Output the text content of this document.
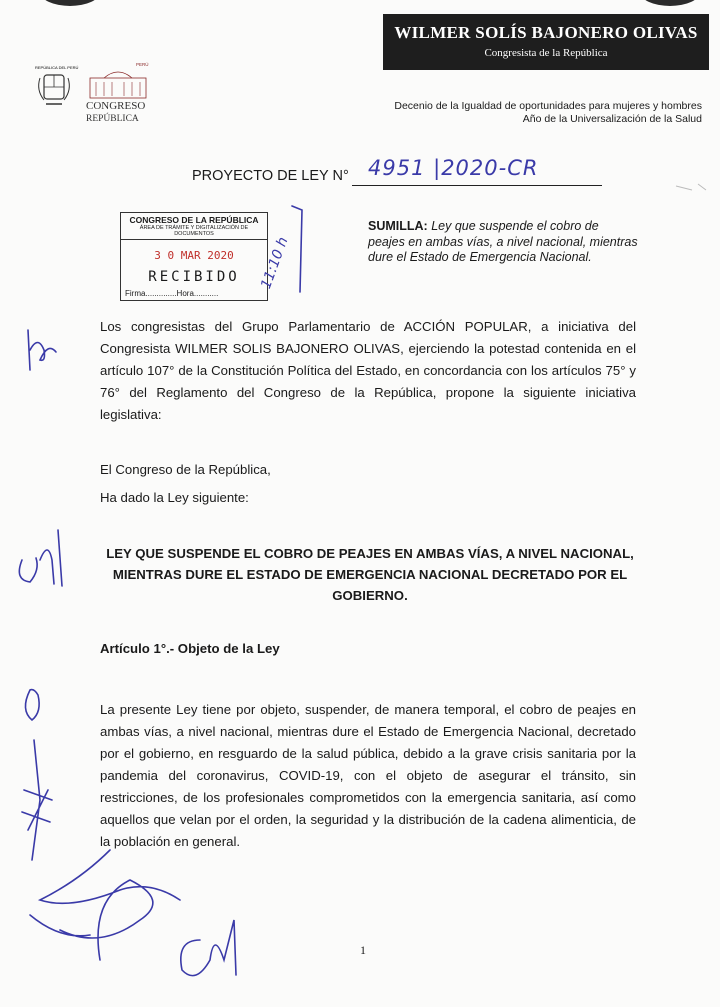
WILMER SOLÍS BAJONERO OLIVAS
Congresista de la República
REPÚBLICA DEL PERÚ
PERÚ
CONGRESO
REPÚBLICA
Decenio de la Igualdad de oportunidades para mujeres y hombres
Año de la Universalización de la Salud
PROYECTO DE LEY N° 4951 |2020-CR
CONGRESO DE LA REPÚBLICA
ÁREA DE TRÁMITE Y DIGITALIZACIÓN DE DOCUMENTOS
3 0 MAR 2020
RECIBIDO
Firma..............Hora...........
11:10 h
SUMILLA: Ley que suspende el cobro de peajes en ambas vías, a nivel nacional, mientras dure el Estado de Emergencia Nacional.
Los congresistas del Grupo Parlamentario de ACCIÓN POPULAR, a iniciativa del Congresista WILMER SOLIS BAJONERO OLIVAS, ejerciendo la potestad contenida en el artículo 107° de la Constitución Política del Estado, en concordancia con los artículos 75° y 76° del Reglamento del Congreso de la República, propone la siguiente iniciativa legislativa:
El Congreso de la República,
Ha dado la Ley siguiente:
LEY QUE SUSPENDE EL COBRO DE PEAJES EN AMBAS VÍAS, A NIVEL NACIONAL, MIENTRAS DURE EL ESTADO DE EMERGENCIA NACIONAL DECRETADO POR EL GOBIERNO.
Artículo 1°.- Objeto de la Ley
La presente Ley tiene por objeto, suspender, de manera temporal, el cobro de peajes en ambas vías, a nivel nacional, mientras dure el Estado de Emergencia Nacional, decretado por el gobierno, en resguardo de la salud pública, debido a la grave crisis sanitaria por la pandemia del coronavirus, COVID-19, con el objeto de asegurar el tránsito, sin restricciones, de los profesionales comprometidos con la emergencia sanitaria, así como aquellos que velan por el orden, la seguridad y la distribución de la cadena alimenticia, de la población en general.
1
